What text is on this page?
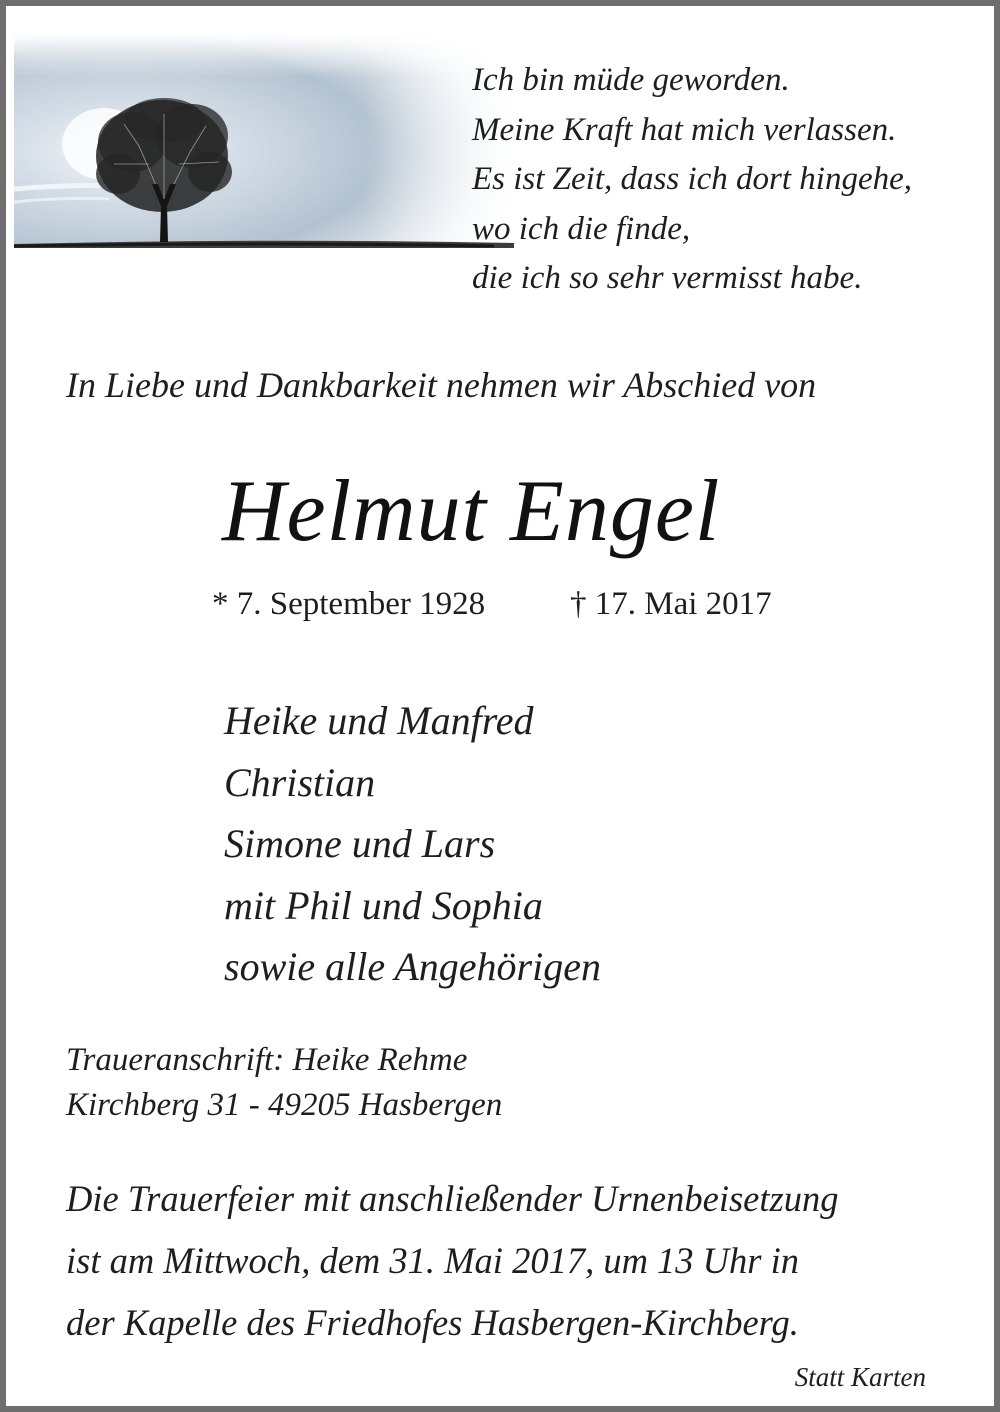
Ich bin müde geworden.
Meine Kraft hat mich verlassen.
Es ist Zeit, dass ich dort hingehe,
wo ich die finde,
die ich so sehr vermisst habe.
In Liebe und Dankbarkeit nehmen wir Abschied von
Helmut Engel
* 7. September 1928	† 17. Mai 2017
Heike und Manfred
Christian
Simone und Lars
mit Phil und Sophia
sowie alle Angehörigen
Traueranschrift: Heike Rehme
Kirchberg 31 - 49205 Hasbergen
Die Trauerfeier mit anschließender Urnenbeisetzung
ist am Mittwoch, dem 31. Mai 2017, um 13 Uhr in
der Kapelle des Friedhofes Hasbergen-Kirchberg.
Statt Karten
